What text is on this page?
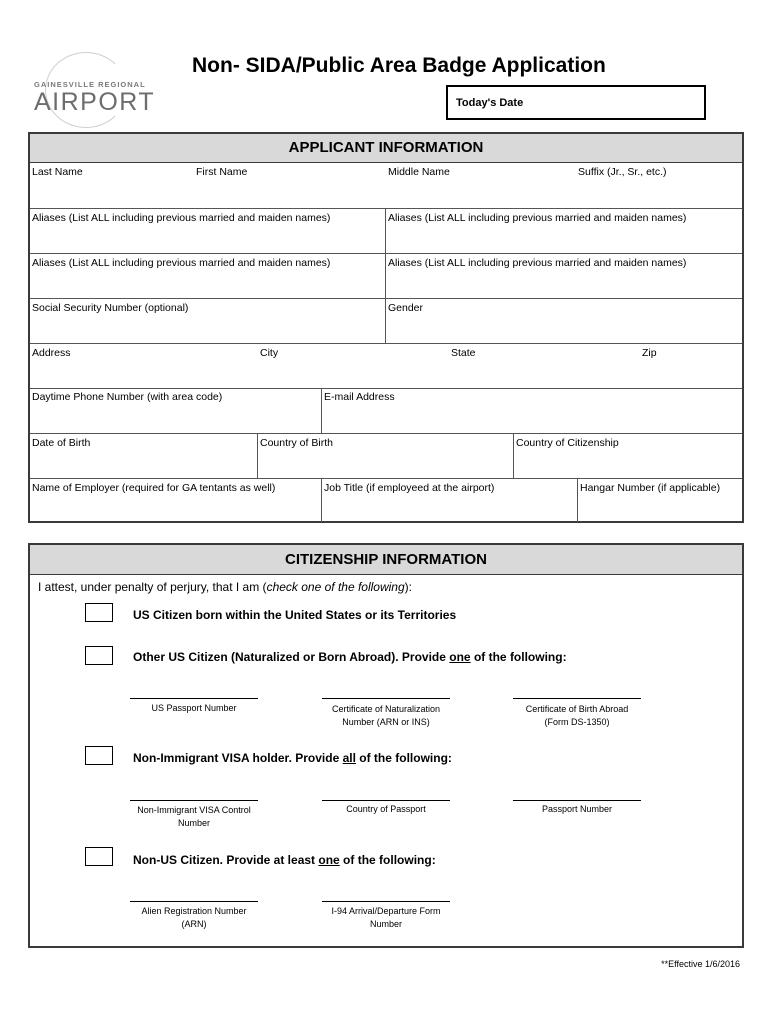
GAINESVILLE REGIONAL
AIRPORT
Non- SIDA/Public Area Badge Application
Today's Date
APPLICANT INFORMATION
Last Name	First Name	Middle Name	Suffix (Jr., Sr., etc.)
Aliases (List ALL including previous married and maiden names)	Aliases (List ALL including previous married and maiden names)
Aliases (List ALL including previous married and maiden names)	Aliases (List ALL including previous married and maiden names)
Social Security Number (optional)	Gender
Address	City	State	Zip
Daytime Phone Number (with area code)	E-mail Address
Date of Birth	Country of Birth	Country of Citizenship
Name of Employer (required for GA tentants as well)	Job Title (if employeed at the airport)	Hangar Number (if applicable)
CITIZENSHIP INFORMATION
I attest, under penalty of perjury, that I am (check one of the following):
US Citizen born within the United States or its Territories
Other US Citizen (Naturalized or Born Abroad). Provide one of the following:
US Passport Number	Certificate of Naturalization
Number (ARN or INS)
Certificate of Birth Abroad
(Form DS-1350)
Non-Immigrant VISA holder. Provide all of the following:
Non-Immigrant VISA Control
Number
Country of Passport	Passport Number
Non-US Citizen. Provide at least one of the following:
Alien Registration Number
(ARN)
I-94 Arrival/Departure Form
Number
**Effective 1/6/2016
